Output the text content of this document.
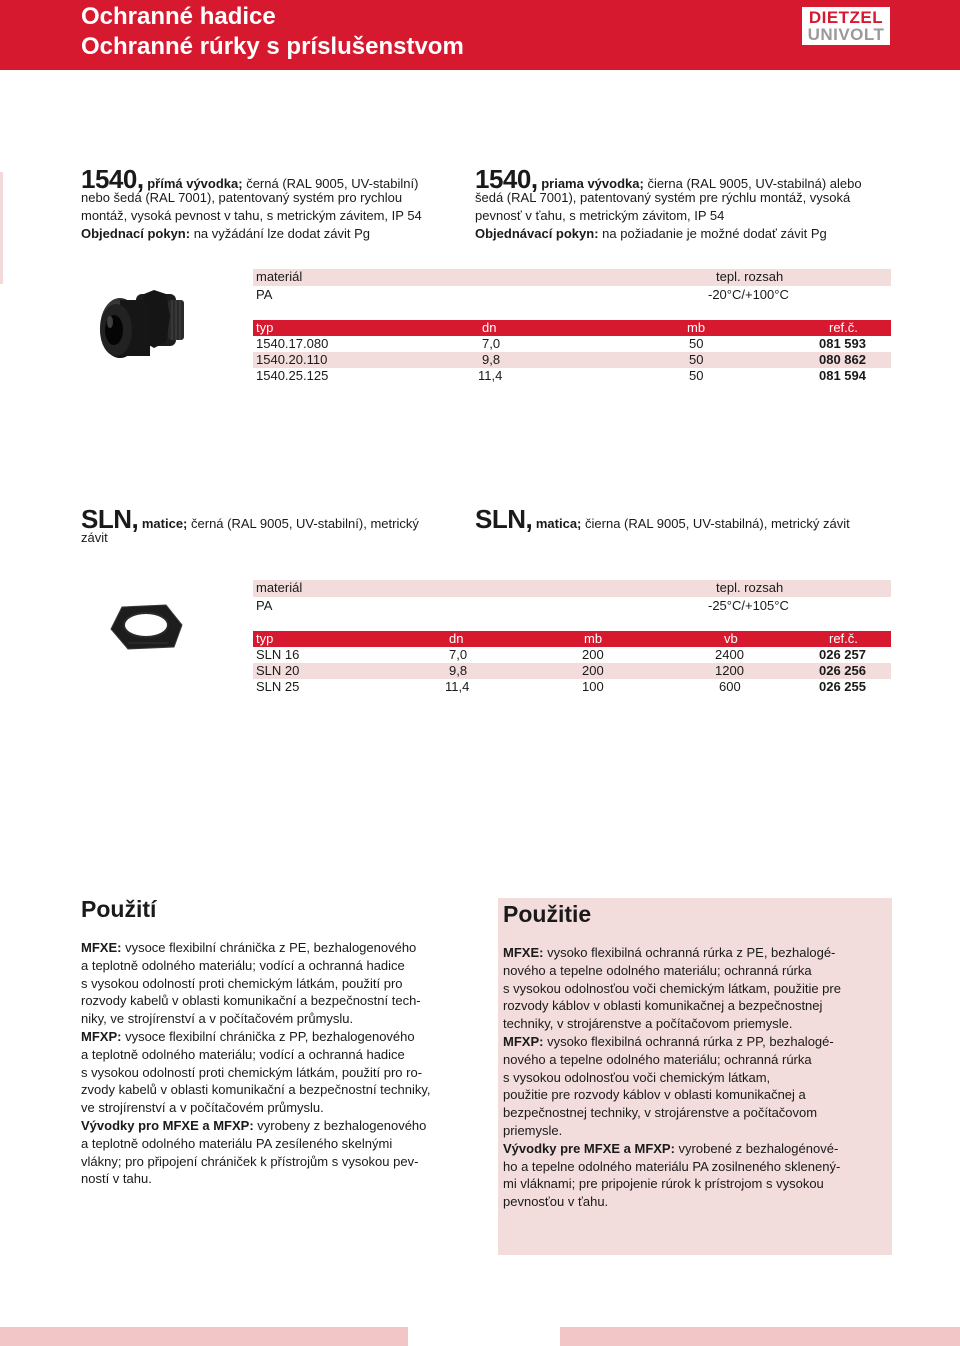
Ochranné hadice
Ochranné rúrky s príslušenstvom
DIETZEL
UNIVOLT
1540, přímá vývodka; černá (RAL 9005, UV-stabilní)
nebo šedá (RAL 7001), patentovaný systém pro rychlou
montáž, vysoká pevnost v tahu, s metrickým závitem, IP 54
Objednací pokyn: na vyžádání lze dodat závit Pg
1540, priama vývodka; čierna (RAL 9005, UV-stabilná) alebo
šedá (RAL 7001), patentovaný systém pre rýchlu montáž, vysoká
pevnosť v ťahu, s metrickým závitom, IP 54
Objednávací pokyn: na požiadanie je možné dodať závit Pg
materiál	tepl. rozsah
PA	-20°C/+100°C
typ	dn	mb	ref.č.
1540.17.080	7,0	50	081 593
1540.20.110	9,8	50	080 862
1540.25.125	11,4	50	081 594
SLN, matice; černá (RAL 9005, UV-stabilní), metrický
závit
SLN, matica; čierna (RAL 9005, UV-stabilná), metrický závit
materiál	tepl. rozsah
PA	-25°C/+105°C
typ	dn	mb	vb	ref.č.
SLN 16	7,0	200	2400	026 257
SLN 20	9,8	200	1200	026 256
SLN 25	11,4	100	600	026 255
Použití

MFXE: vysoce flexibilní chránička z PE, bezhalogenového

a teplotně odolného materiálu; vodící a ochranná hadice

s vysokou odolností proti chemickým látkám, použití pro

rozvody kabelů v oblasti komunikační a bezpečnostní tech-

niky, ve strojírenství a v počítačovém průmyslu.

MFXP: vysoce flexibilní chránička z PP, bezhalogenového

a teplotně odolného materiálu; vodící a ochranná hadice

s vysokou odolností proti chemickým látkám, použití pro ro-

zvody kabelů v oblasti komunikační a bezpečnostní techniky,

ve strojírenství a v počítačovém průmyslu.

Vývodky pro MFXE a MFXP: vyrobeny z bezhalogenového

a teplotně odolného materiálu PA zesíleného skelnými

vlákny; pro připojení chrániček k přístrojům s vysokou pev-

ností v tahu.

Použitie

MFXE: vysoko flexibilná ochranná rúrka z PE, bezhalogé-

nového a tepelne odolného materiálu; ochranná rúrka

s vysokou odolnosťou voči chemickým látkam, použitie pre

rozvody káblov v oblasti komunikačnej a bezpečnostnej

techniky, v strojárenstve a počítačovom priemysle.

MFXP: vysoko flexibilná ochranná rúrka z PP, bezhalogé-

nového a tepelne odolného materiálu; ochranná rúrka

s vysokou odolnosťou voči chemickým látkam,

použitie pre rozvody káblov v oblasti komunikačnej a

bezpečnostnej techniky, v strojárenstve a počítačovom

priemysle.

Vývodky pre MFXE a MFXP: vyrobené z bezhalogénové-

ho a tepelne odolného materiálu PA zosilneného sklenený-

mi vláknami; pre pripojenie rúrok k prístrojom s vysokou

pevnosťou v ťahu.
